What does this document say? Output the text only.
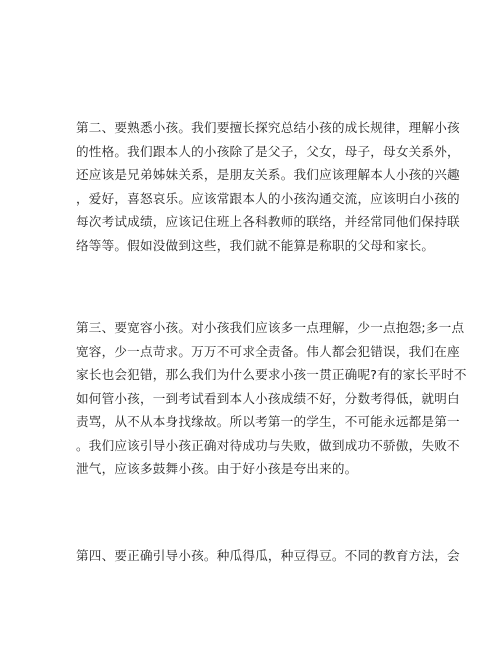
第二、要熟悉小孩。我们要擅长探究总结小孩的成长规律，理解小孩
的性格。我们跟本人的小孩除了是父子，父女，母子，母女关系外，
还应该是兄弟姊妹关系，是朋友关系。我们应该理解本人小孩的兴趣
，爱好，喜怒哀乐。应该常跟本人的小孩沟通交流，应该明白小孩的
每次考试成绩，应该记住班上各科教师的联络，并经常同他们保持联
络等等。假如没做到这些，我们就不能算是称职的父母和家长。
第三、要宽容小孩。对小孩我们应该多一点理解，少一点抱怨;多一点
宽容，少一点苛求。万万不可求全责备。伟人都会犯错误，我们在座
家长也会犯错，那么我们为什么要求小孩一贯正确呢?有的家长平时不
如何管小孩，一到考试看到本人小孩成绩不好，分数考得低，就明白
责骂，从不从本身找缘故。所以考第一的学生，不可能永远都是第一
。我们应该引导小孩正确对待成功与失败，做到成功不骄傲，失败不
泄气，应该多鼓舞小孩。由于好小孩是夸出来的。
第四、要正确引导小孩。种瓜得瓜，种豆得豆。不同的教育方法，会
